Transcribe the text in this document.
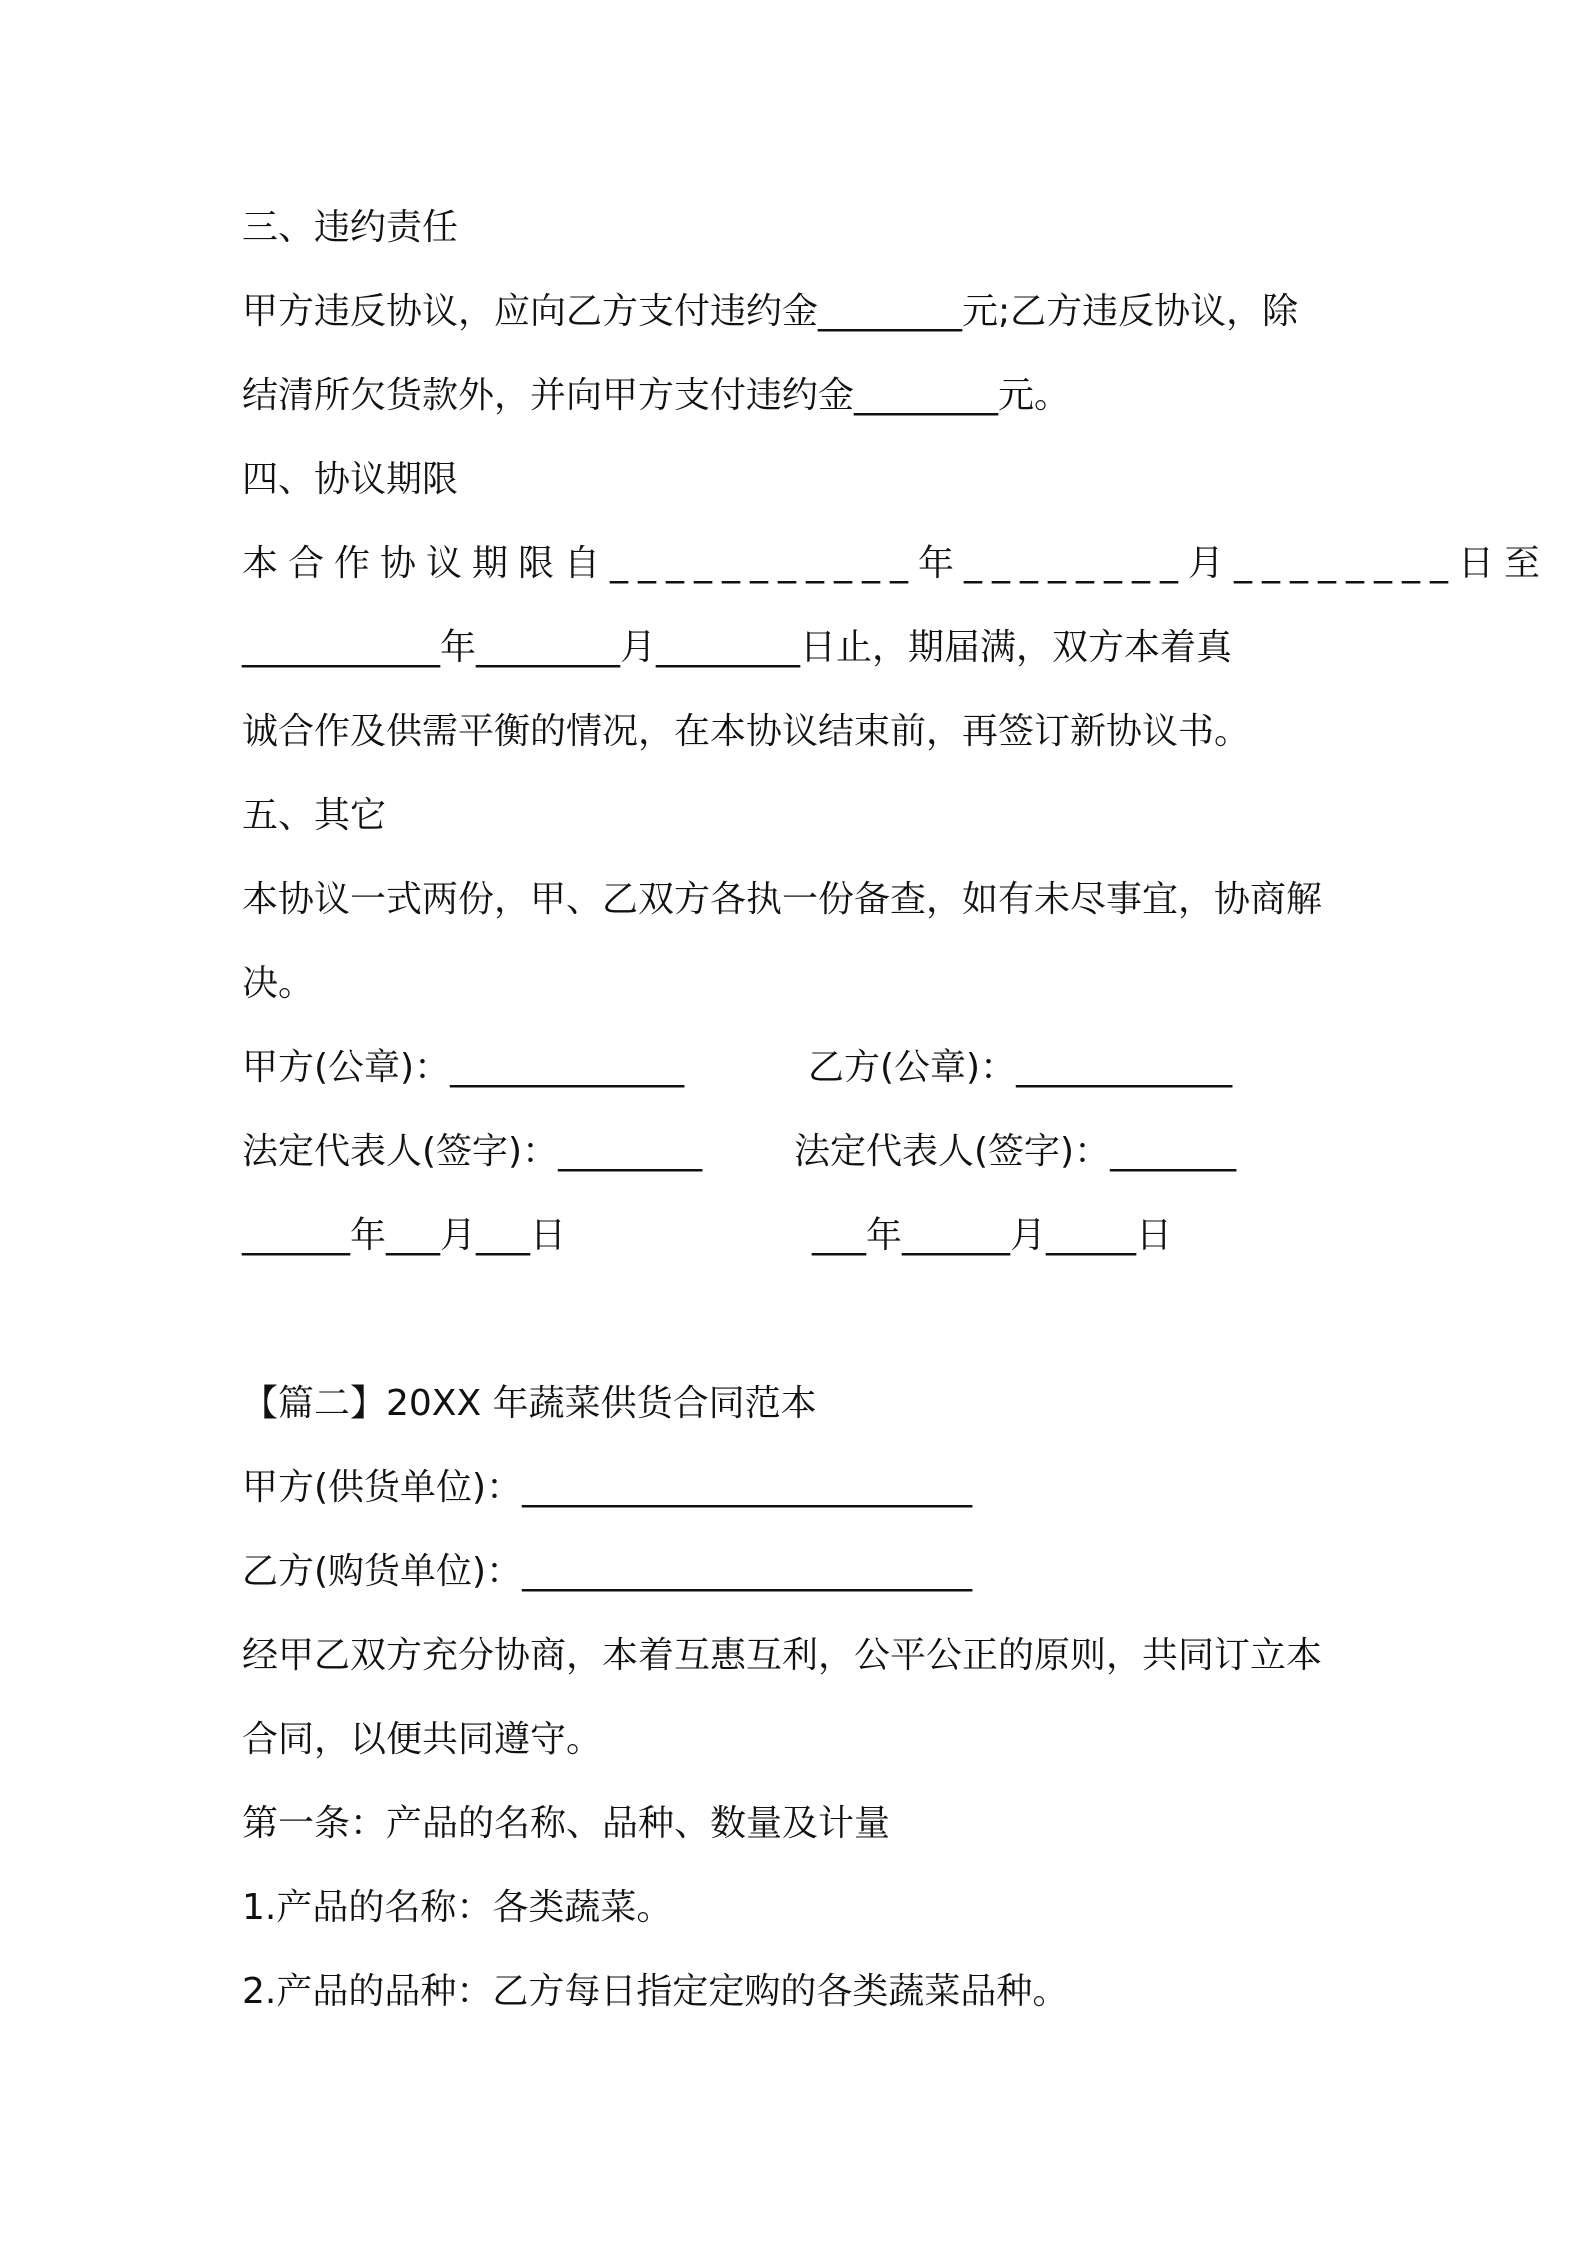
三、违约责任
甲方违反协议，应向乙方支付违约金________元;乙方违反协议，除
结清所欠货款外，并向甲方支付违约金________元。
四、协议期限
本合作协议期限自___________年________月________日至
___________年________月________日止，期届满，双方本着真
诚合作及供需平衡的情况，在本协议结束前，再签订新协议书。
五、其它
本协议一式两份，甲、乙双方各执一份备查，如有未尽事宜，协商解
决。
甲方(公章)：_____________	乙方(公章)：____________
法定代表人(签字)：________	法定代表人(签字)：_______
______年___月___日	___年______月_____日
【篇二】20XX 年蔬菜供货合同范本
甲方(供货单位)：_________________________
乙方(购货单位)：_________________________
经甲乙双方充分协商，本着互惠互利，公平公正的原则，共同订立本
合同，以便共同遵守。
第一条：产品的名称、品种、数量及计量
1.产品的名称：各类蔬菜。
2.产品的品种：乙方每日指定定购的各类蔬菜品种。
